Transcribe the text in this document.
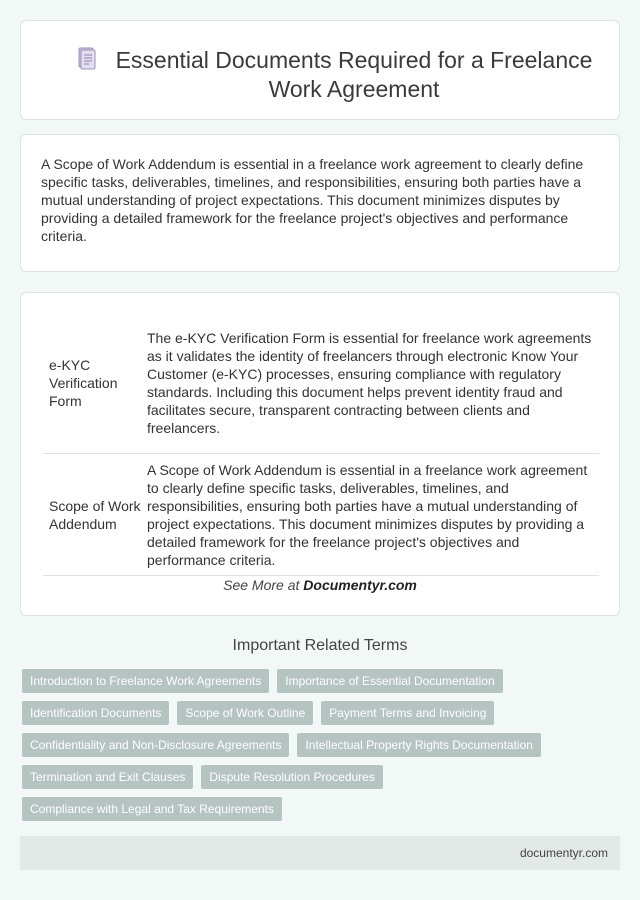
Essential Documents Required for a Freelance Work Agreement

A Scope of Work Addendum is essential in a freelance work agreement to clearly define specific tasks, deliverables, timelines, and responsibilities, ensuring both parties have a mutual understanding of project expectations. This document minimizes disputes by providing a detailed framework for the freelance project's objectives and performance criteria.

e-KYC Verification Form
The e-KYC Verification Form is essential for freelance work agreements as it validates the identity of freelancers through electronic Know Your Customer (e-KYC) processes, ensuring compliance with regulatory standards. Including this document helps prevent identity fraud and facilitates secure, transparent contracting between clients and freelancers.
Scope of Work Addendum
A Scope of Work Addendum is essential in a freelance work agreement to clearly define specific tasks, deliverables, timelines, and responsibilities, ensuring both parties have a mutual understanding of project expectations. This document minimizes disputes by providing a detailed framework for the freelance project's objectives and performance criteria.
See More at Documentyr.com
Important Related Terms
Introduction to Freelance Work Agreements	Importance of Essential Documentation
Identification Documents	Scope of Work Outline	Payment Terms and Invoicing
Confidentiality and Non-Disclosure Agreements	Intellectual Property Rights Documentation
Termination and Exit Clauses	Dispute Resolution Procedures
Compliance with Legal and Tax Requirements
documentyr.com
